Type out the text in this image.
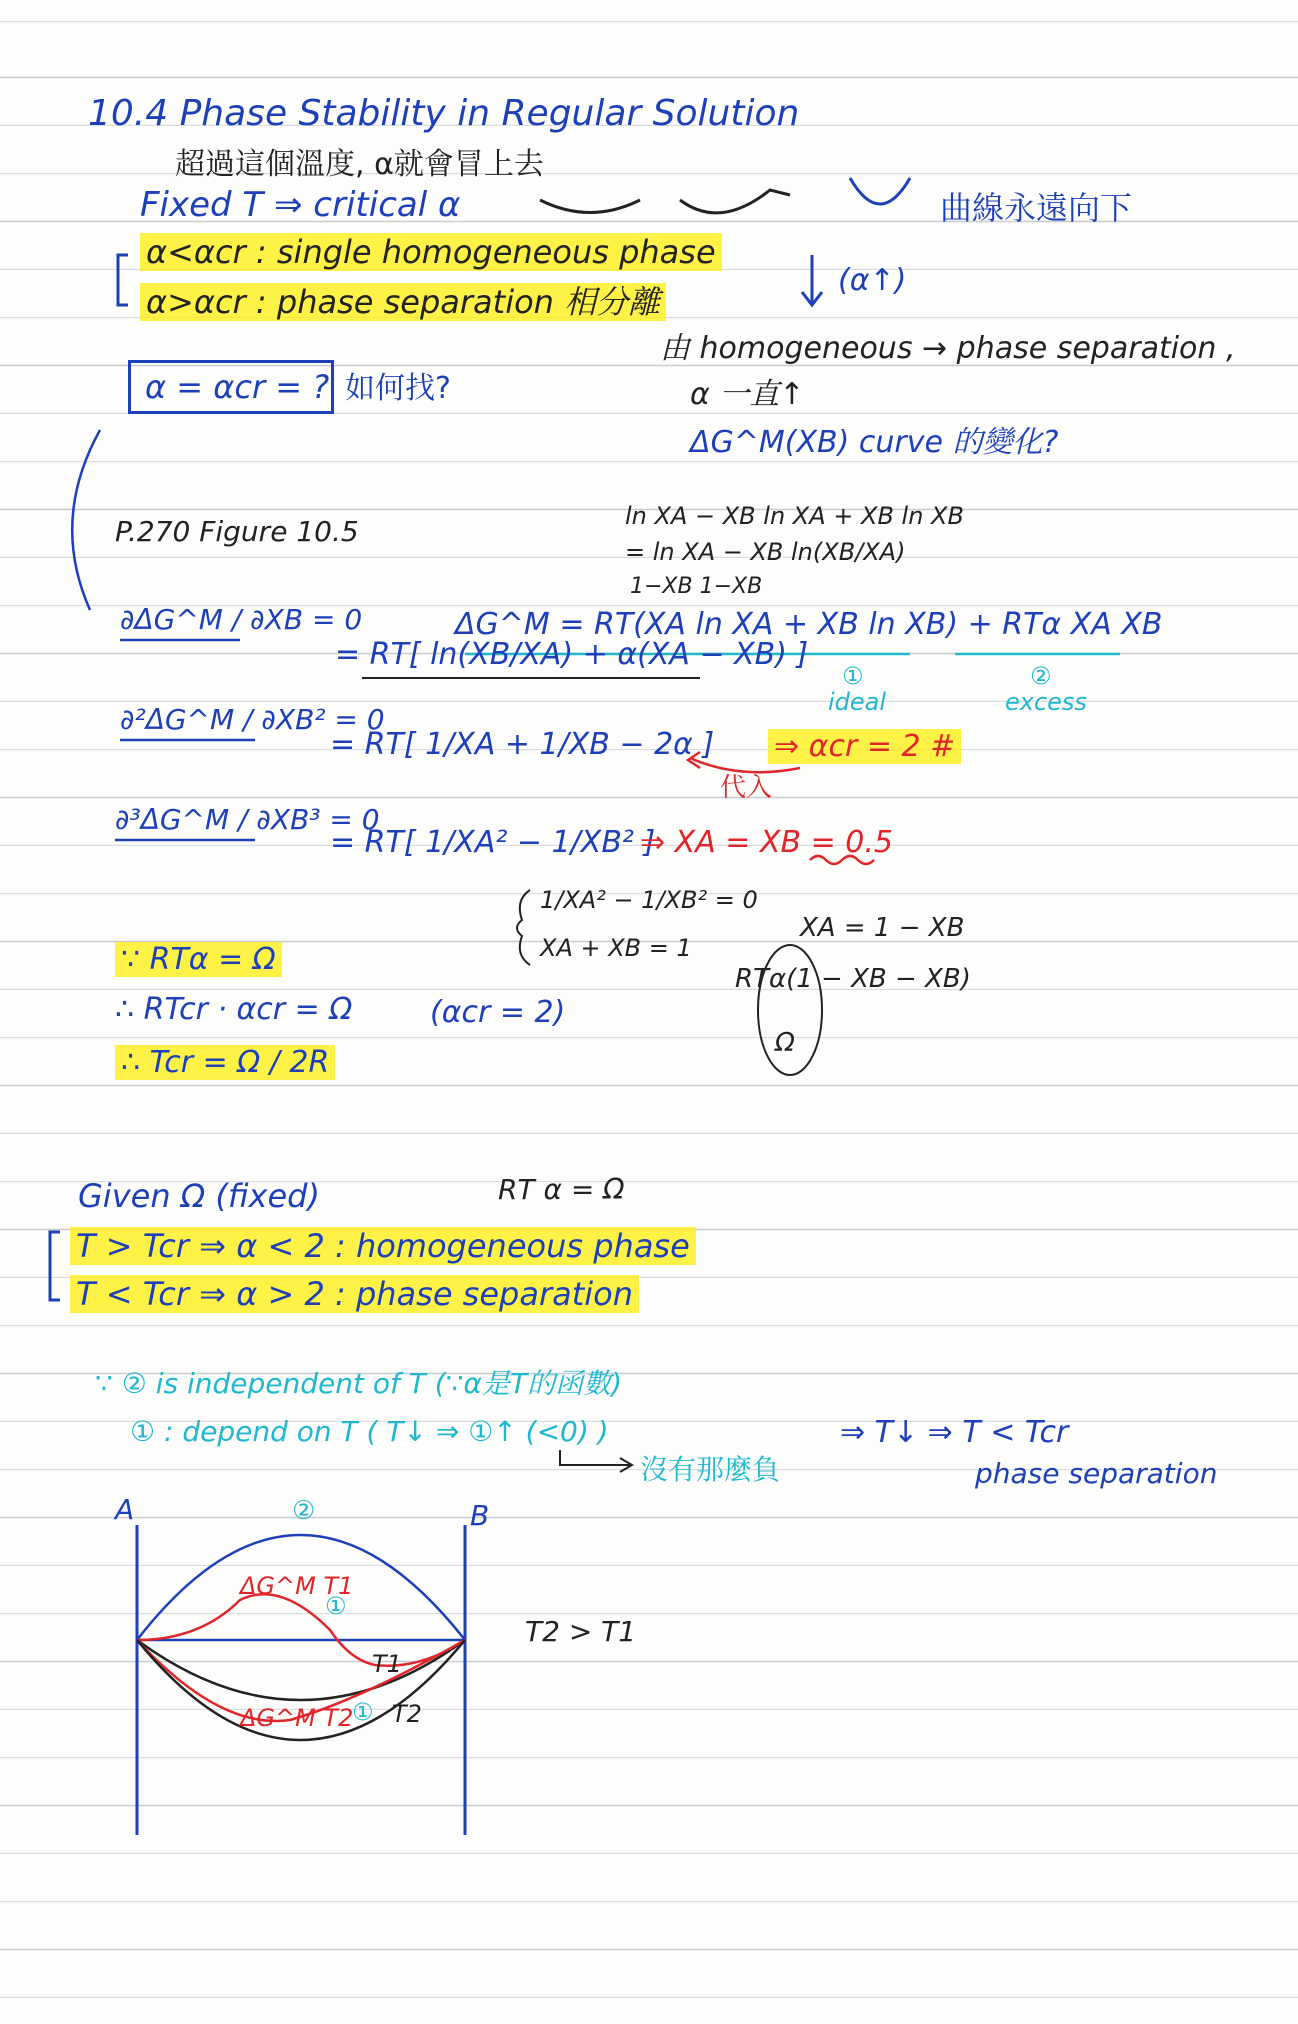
10.4 Phase Stability in Regular Solution
超過這個溫度, α就會冒上去
Fixed T ⇒ critical α	曲線永遠向下
α<αcr : single homogeneous phase
α>αcr : phase separation 相分離
(α↑)
由 homogeneous → phase separation ,
α 一直↑
ΔG^M(XB) curve 的變化?
α = αcr = ? 如何找?
P.270 Figure 10.5	ln XA − XB ln XA + XB ln XB
= ln XA − XB ln(XB/XA)
1−XB 1−XB
ΔG^M = RT(XA ln XA + XB ln XB) + RTα XA XB
①
ideal
②
excess
∂ΔG^M / ∂XB = 0
= RT[ ln(XB/XA) + α(XA − XB) ]
∂²ΔG^M / ∂XB² = 0
= RT[ 1/XA + 1/XB − 2α ] ⇒ αcr = 2 #
代入
∂³ΔG^M / ∂XB³ = 0
= RT[ 1/XA² − 1/XB² ]
⇒ XA = XB = 0.5
1/XA² − 1/XB² = 0
XA + XB = 1
XA = 1 − XB
RTα(1 − XB − XB)
Ω
∵ RTα = Ω
∴ RTcr · αcr = Ω	(αcr = 2)
∴ Tcr = Ω / 2R
Given Ω (fixed)	RT α = Ω
T > Tcr ⇒ α < 2 : homogeneous phase
T < Tcr ⇒ α > 2 : phase separation
∵ ② is independent of T (∵α是T的函數)
① : depend on T ( T↓ ⇒ ①↑ (<0) )
沒有那麼負
⇒ T↓ ⇒ T < Tcr
phase separation
A	B
②
ΔG^M T1
①
T1
ΔG^M T2
① T2
T2 > T1
